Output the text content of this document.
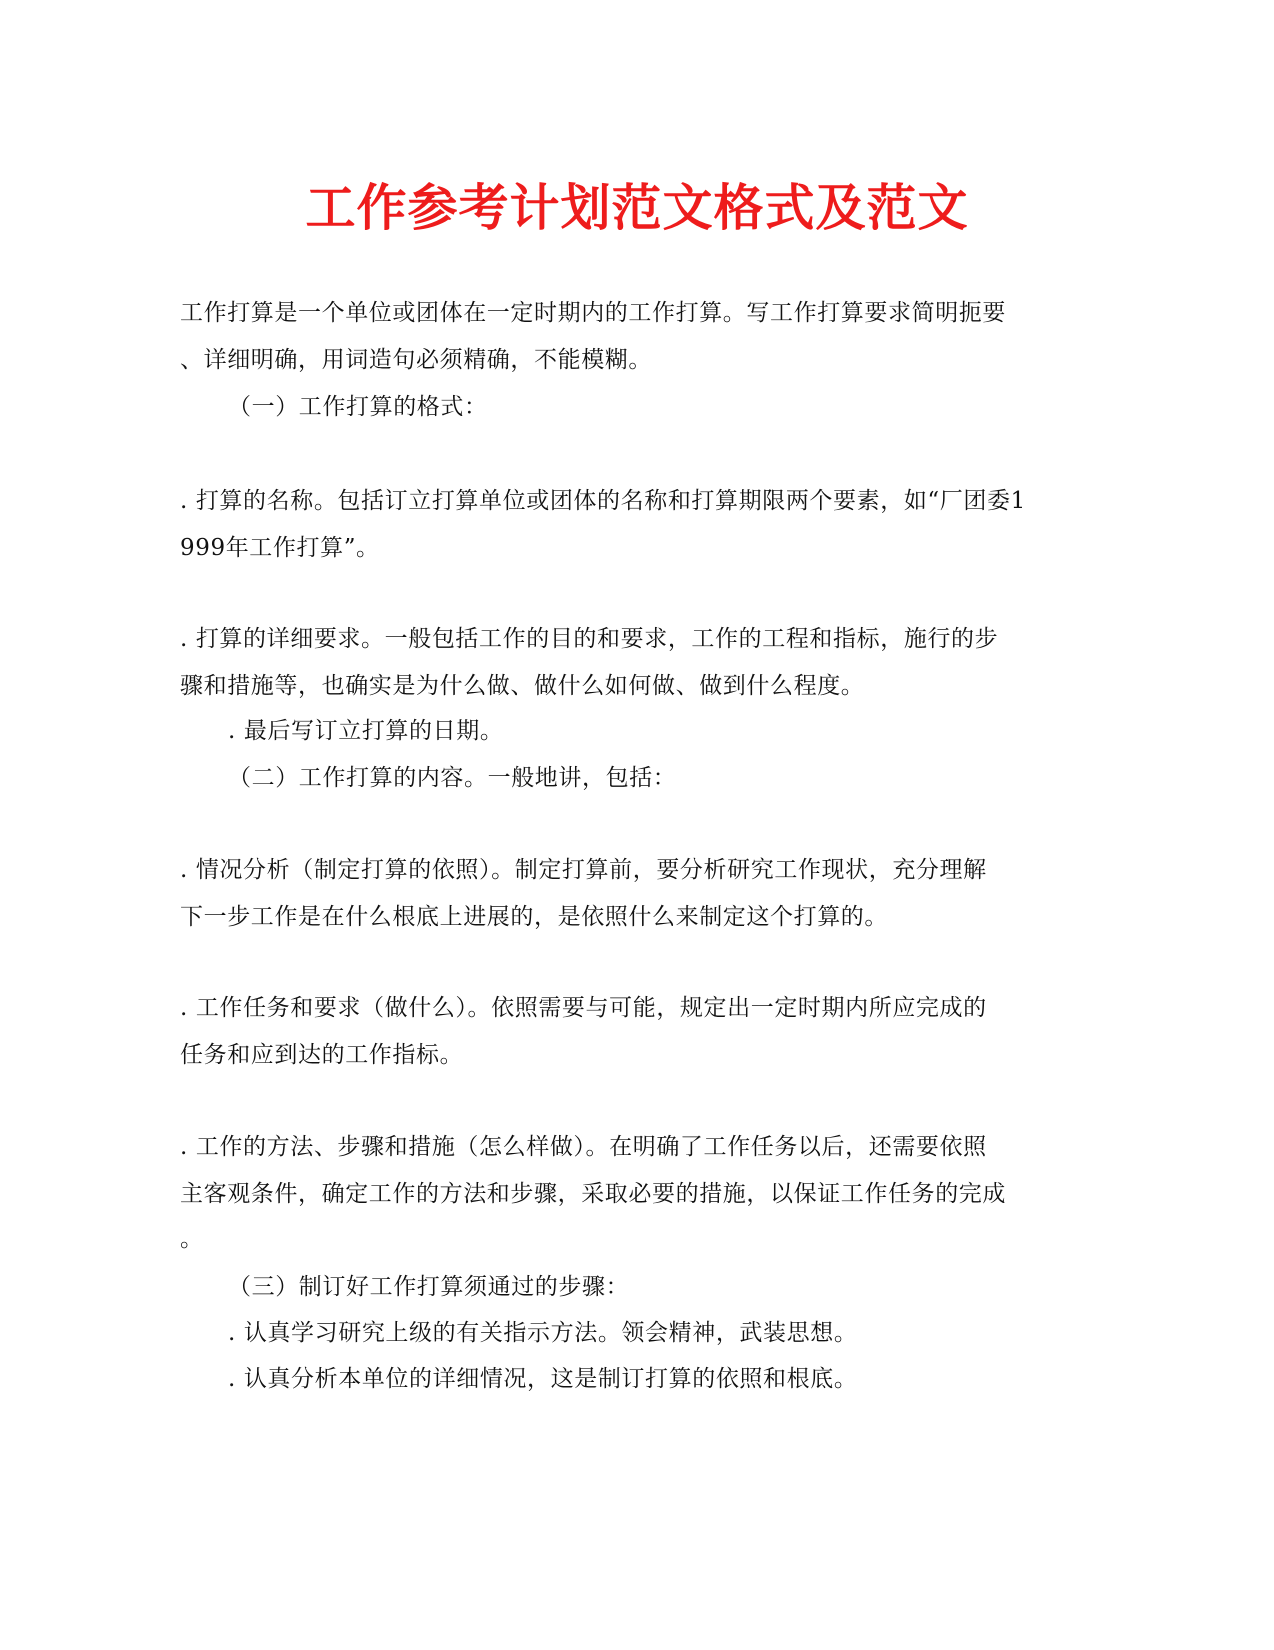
工作参考计划范文格式及范文
工作打算是一个单位或团体在一定时期内的工作打算。写工作打算要求简明扼要
、详细明确，用词造句必须精确，不能模糊。
（一）工作打算的格式：
. 打算的名称。包括订立打算单位或团体的名称和打算期限两个要素，如“厂团委1
999年工作打算”。
. 打算的详细要求。一般包括工作的目的和要求，工作的工程和指标，施行的步
骤和措施等，也确实是为什么做、做什么如何做、做到什么程度。
. 最后写订立打算的日期。
（二）工作打算的内容。一般地讲，包括：
. 情况分析（制定打算的依照）。制定打算前，要分析研究工作现状，充分理解
下一步工作是在什么根底上进展的，是依照什么来制定这个打算的。
. 工作任务和要求（做什么）。依照需要与可能，规定出一定时期内所应完成的
任务和应到达的工作指标。
. 工作的方法、步骤和措施（怎么样做）。在明确了工作任务以后，还需要依照
主客观条件，确定工作的方法和步骤，采取必要的措施，以保证工作任务的完成
。
（三）制订好工作打算须通过的步骤：
. 认真学习研究上级的有关指示方法。领会精神，武装思想。
. 认真分析本单位的详细情况，这是制订打算的依照和根底。
